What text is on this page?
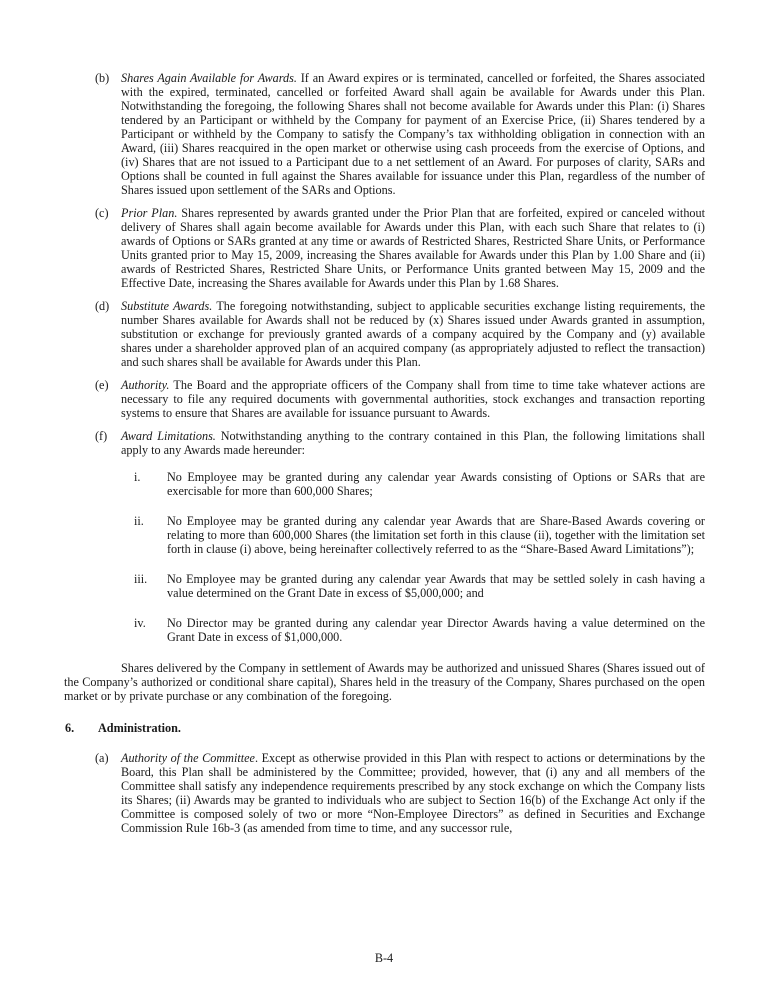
(b) Shares Again Available for Awards. If an Award expires or is terminated, cancelled or forfeited, the Shares associated with the expired, terminated, cancelled or forfeited Award shall again be available for Awards under this Plan. Notwithstanding the foregoing, the following Shares shall not become available for Awards under this Plan: (i) Shares tendered by an Participant or withheld by the Company for payment of an Exercise Price, (ii) Shares tendered by a Participant or withheld by the Company to satisfy the Company’s tax withholding obligation in connection with an Award, (iii) Shares reacquired in the open market or otherwise using cash proceeds from the exercise of Options, and (iv) Shares that are not issued to a Participant due to a net settlement of an Award. For purposes of clarity, SARs and Options shall be counted in full against the Shares available for issuance under this Plan, regardless of the number of Shares issued upon settlement of the SARs and Options.
(c) Prior Plan. Shares represented by awards granted under the Prior Plan that are forfeited, expired or canceled without delivery of Shares shall again become available for Awards under this Plan, with each such Share that relates to (i) awards of Options or SARs granted at any time or awards of Restricted Shares, Restricted Share Units, or Performance Units granted prior to May 15, 2009, increasing the Shares available for Awards under this Plan by 1.00 Share and (ii) awards of Restricted Shares, Restricted Share Units, or Performance Units granted between May 15, 2009 and the Effective Date, increasing the Shares available for Awards under this Plan by 1.68 Shares.
(d) Substitute Awards. The foregoing notwithstanding, subject to applicable securities exchange listing requirements, the number Shares available for Awards shall not be reduced by (x) Shares issued under Awards granted in assumption, substitution or exchange for previously granted awards of a company acquired by the Company and (y) available shares under a shareholder approved plan of an acquired company (as appropriately adjusted to reflect the transaction) and such shares shall be available for Awards under this Plan.
(e) Authority. The Board and the appropriate officers of the Company shall from time to time take whatever actions are necessary to file any required documents with governmental authorities, stock exchanges and transaction reporting systems to ensure that Shares are available for issuance pursuant to Awards.
(f) Award Limitations. Notwithstanding anything to the contrary contained in this Plan, the following limitations shall apply to any Awards made hereunder:
i. No Employee may be granted during any calendar year Awards consisting of Options or SARs that are exercisable for more than 600,000 Shares;
ii. No Employee may be granted during any calendar year Awards that are Share-Based Awards covering or relating to more than 600,000 Shares (the limitation set forth in this clause (ii), together with the limitation set forth in clause (i) above, being hereinafter collectively referred to as the “Share-Based Award Limitations”);
iii. No Employee may be granted during any calendar year Awards that may be settled solely in cash having a value determined on the Grant Date in excess of $5,000,000; and
iv. No Director may be granted during any calendar year Director Awards having a value determined on the Grant Date in excess of $1,000,000.
Shares delivered by the Company in settlement of Awards may be authorized and unissued Shares (Shares issued out of the Company’s authorized or conditional share capital), Shares held in the treasury of the Company, Shares purchased on the open market or by private purchase or any combination of the foregoing.
6. Administration.
(a) Authority of the Committee. Except as otherwise provided in this Plan with respect to actions or determinations by the Board, this Plan shall be administered by the Committee; provided, however, that (i) any and all members of the Committee shall satisfy any independence requirements prescribed by any stock exchange on which the Company lists its Shares; (ii) Awards may be granted to individuals who are subject to Section 16(b) of the Exchange Act only if the Committee is composed solely of two or more “Non-Employee Directors” as defined in Securities and Exchange Commission Rule 16b-3 (as amended from time to time, and any successor rule,
B-4
